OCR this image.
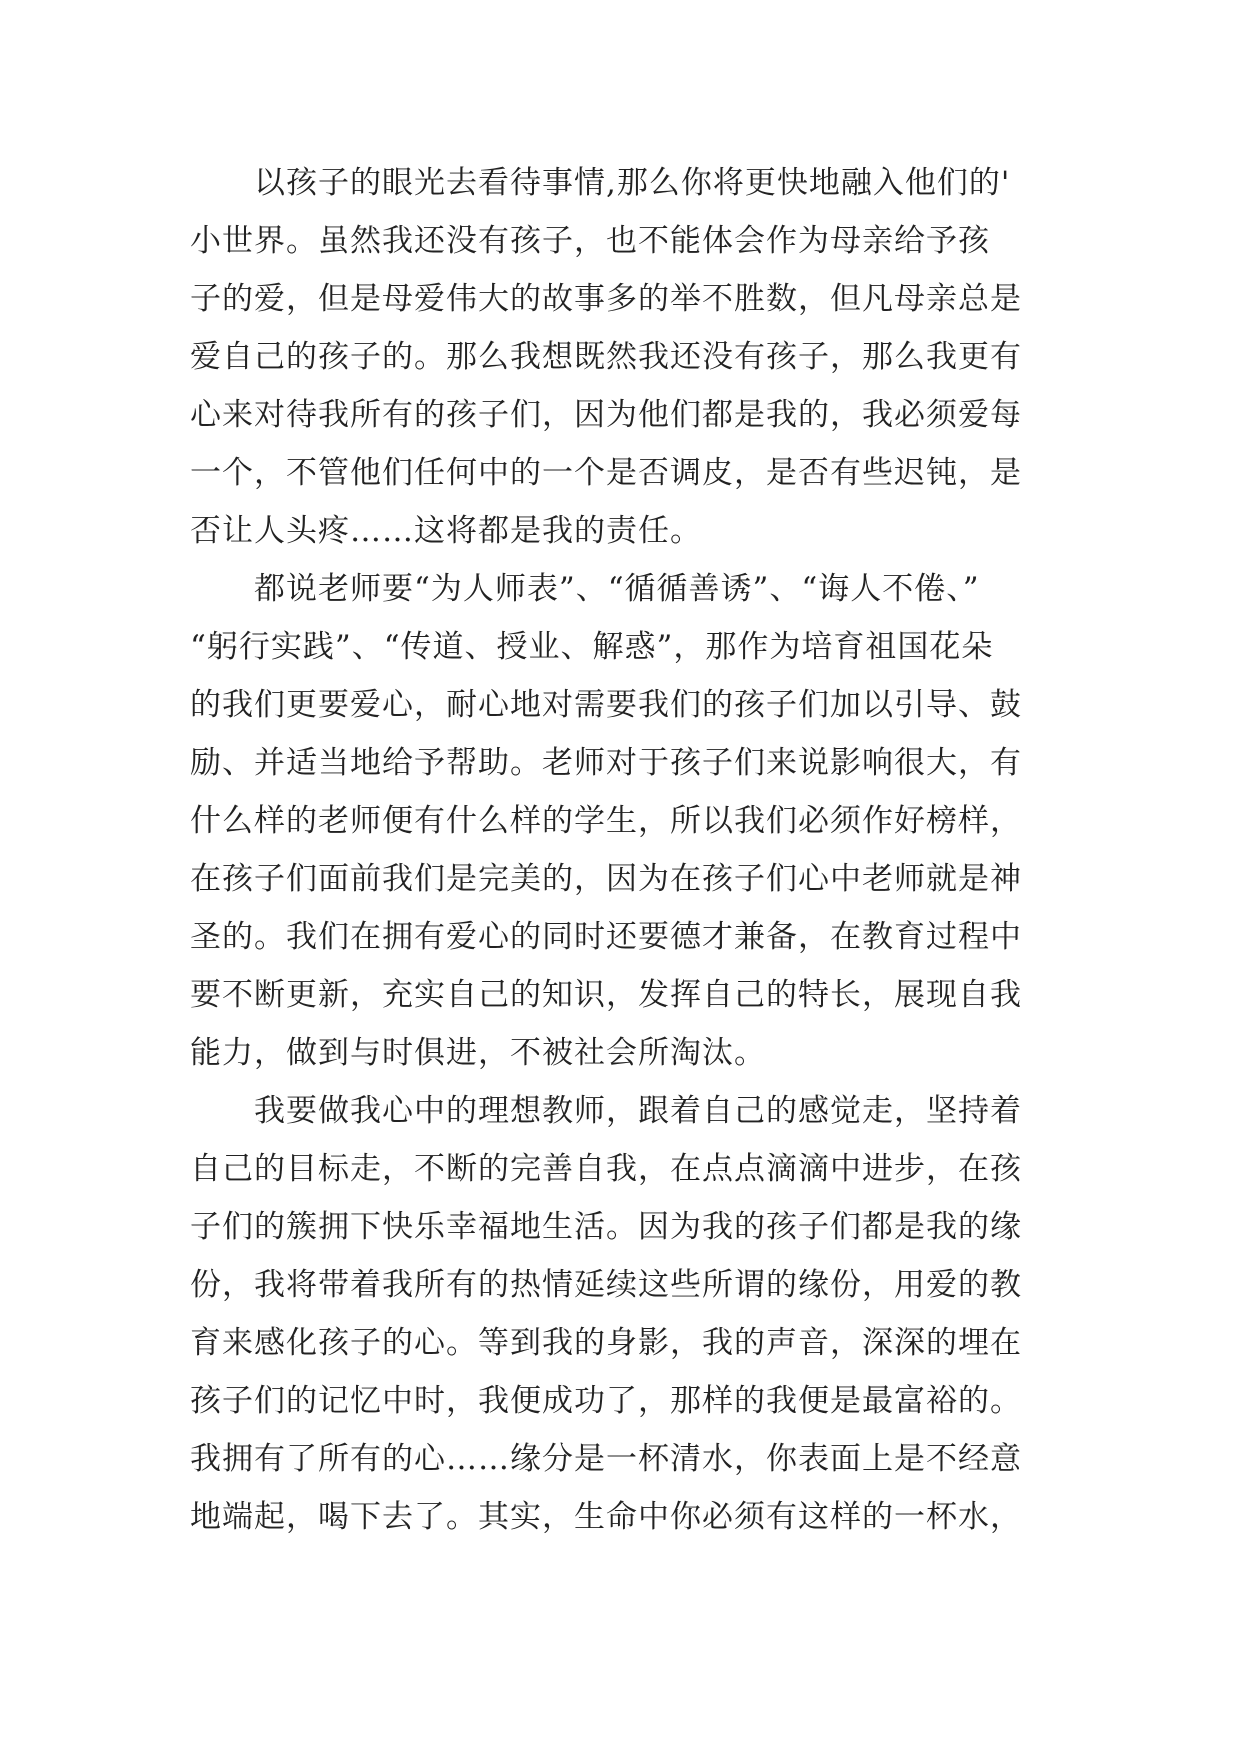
　　以孩子的眼光去看待事情,那么你将更快地融入他们的'
小世界。虽然我还没有孩子，也不能体会作为母亲给予孩
子的爱，但是母爱伟大的故事多的举不胜数，但凡母亲总是
爱自己的孩子的。那么我想既然我还没有孩子，那么我更有
心来对待我所有的孩子们，因为他们都是我的，我必须爱每
一个，不管他们任何中的一个是否调皮，是否有些迟钝，是
否让人头疼……这将都是我的责任。
　　都说老师要“为人师表”、“循循善诱”、“诲人不倦、”
“躬行实践”、“传道、授业、解惑”，那作为培育祖国花朵
的我们更要爱心，耐心地对需要我们的孩子们加以引导、鼓
励、并适当地给予帮助。老师对于孩子们来说影响很大，有
什么样的老师便有什么样的学生，所以我们必须作好榜样，
在孩子们面前我们是完美的，因为在孩子们心中老师就是神
圣的。我们在拥有爱心的同时还要德才兼备，在教育过程中
要不断更新，充实自己的知识，发挥自己的特长，展现自我
能力，做到与时俱进，不被社会所淘汰。
　　我要做我心中的理想教师，跟着自己的感觉走，坚持着
自己的目标走，不断的完善自我，在点点滴滴中进步，在孩
子们的簇拥下快乐幸福地生活。因为我的孩子们都是我的缘
份，我将带着我所有的热情延续这些所谓的缘份，用爱的教
育来感化孩子的心。等到我的身影，我的声音，深深的埋在
孩子们的记忆中时，我便成功了，那样的我便是最富裕的。
我拥有了所有的心……缘分是一杯清水，你表面上是不经意
地端起，喝下去了。其实，生命中你必须有这样的一杯水，
